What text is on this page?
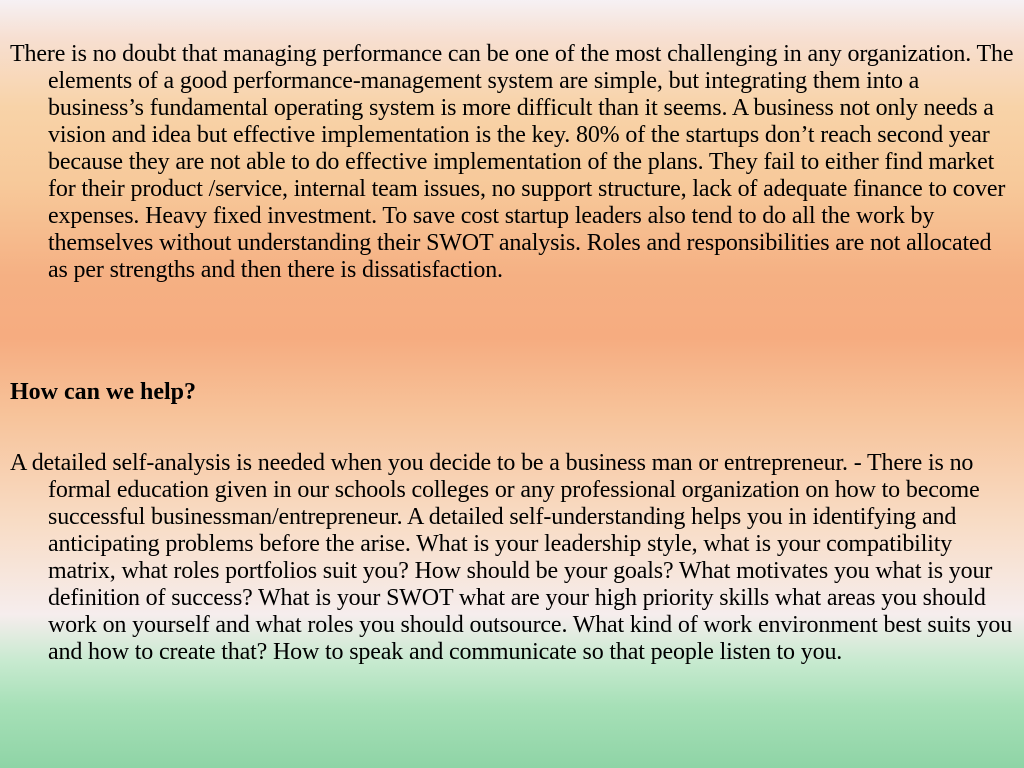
There is no doubt that managing performance can be one of the most challenging in any organization. The elements of a good performance-management system are simple, but integrating them into a business’s fundamental operating system is more difficult than it seems. A business not only needs a vision and idea but effective implementation is the key. 80% of the startups don’t reach second year because they are not able to do effective implementation of the plans. They fail to either find market for their product /service, internal team issues, no support structure, lack of adequate finance to cover expenses. Heavy fixed investment. To save cost startup leaders also tend to do all the work by themselves without understanding their SWOT analysis. Roles and responsibilities are not allocated as per strengths and then there is dissatisfaction.

How can we help?

A detailed self-analysis is needed when you decide to be a business man or entrepreneur. - There is no formal education given in our schools colleges or any professional organization on how to become successful businessman/entrepreneur. A detailed self-understanding helps you in identifying and anticipating problems before the arise. What is your leadership style, what is your compatibility matrix, what roles portfolios suit you? How should be your goals? What motivates you what is your definition of success? What is your SWOT what are your high priority skills what areas you should work on yourself and what roles you should outsource. What kind of work environment best suits you and how to create that? How to speak and communicate so that people listen to you.
